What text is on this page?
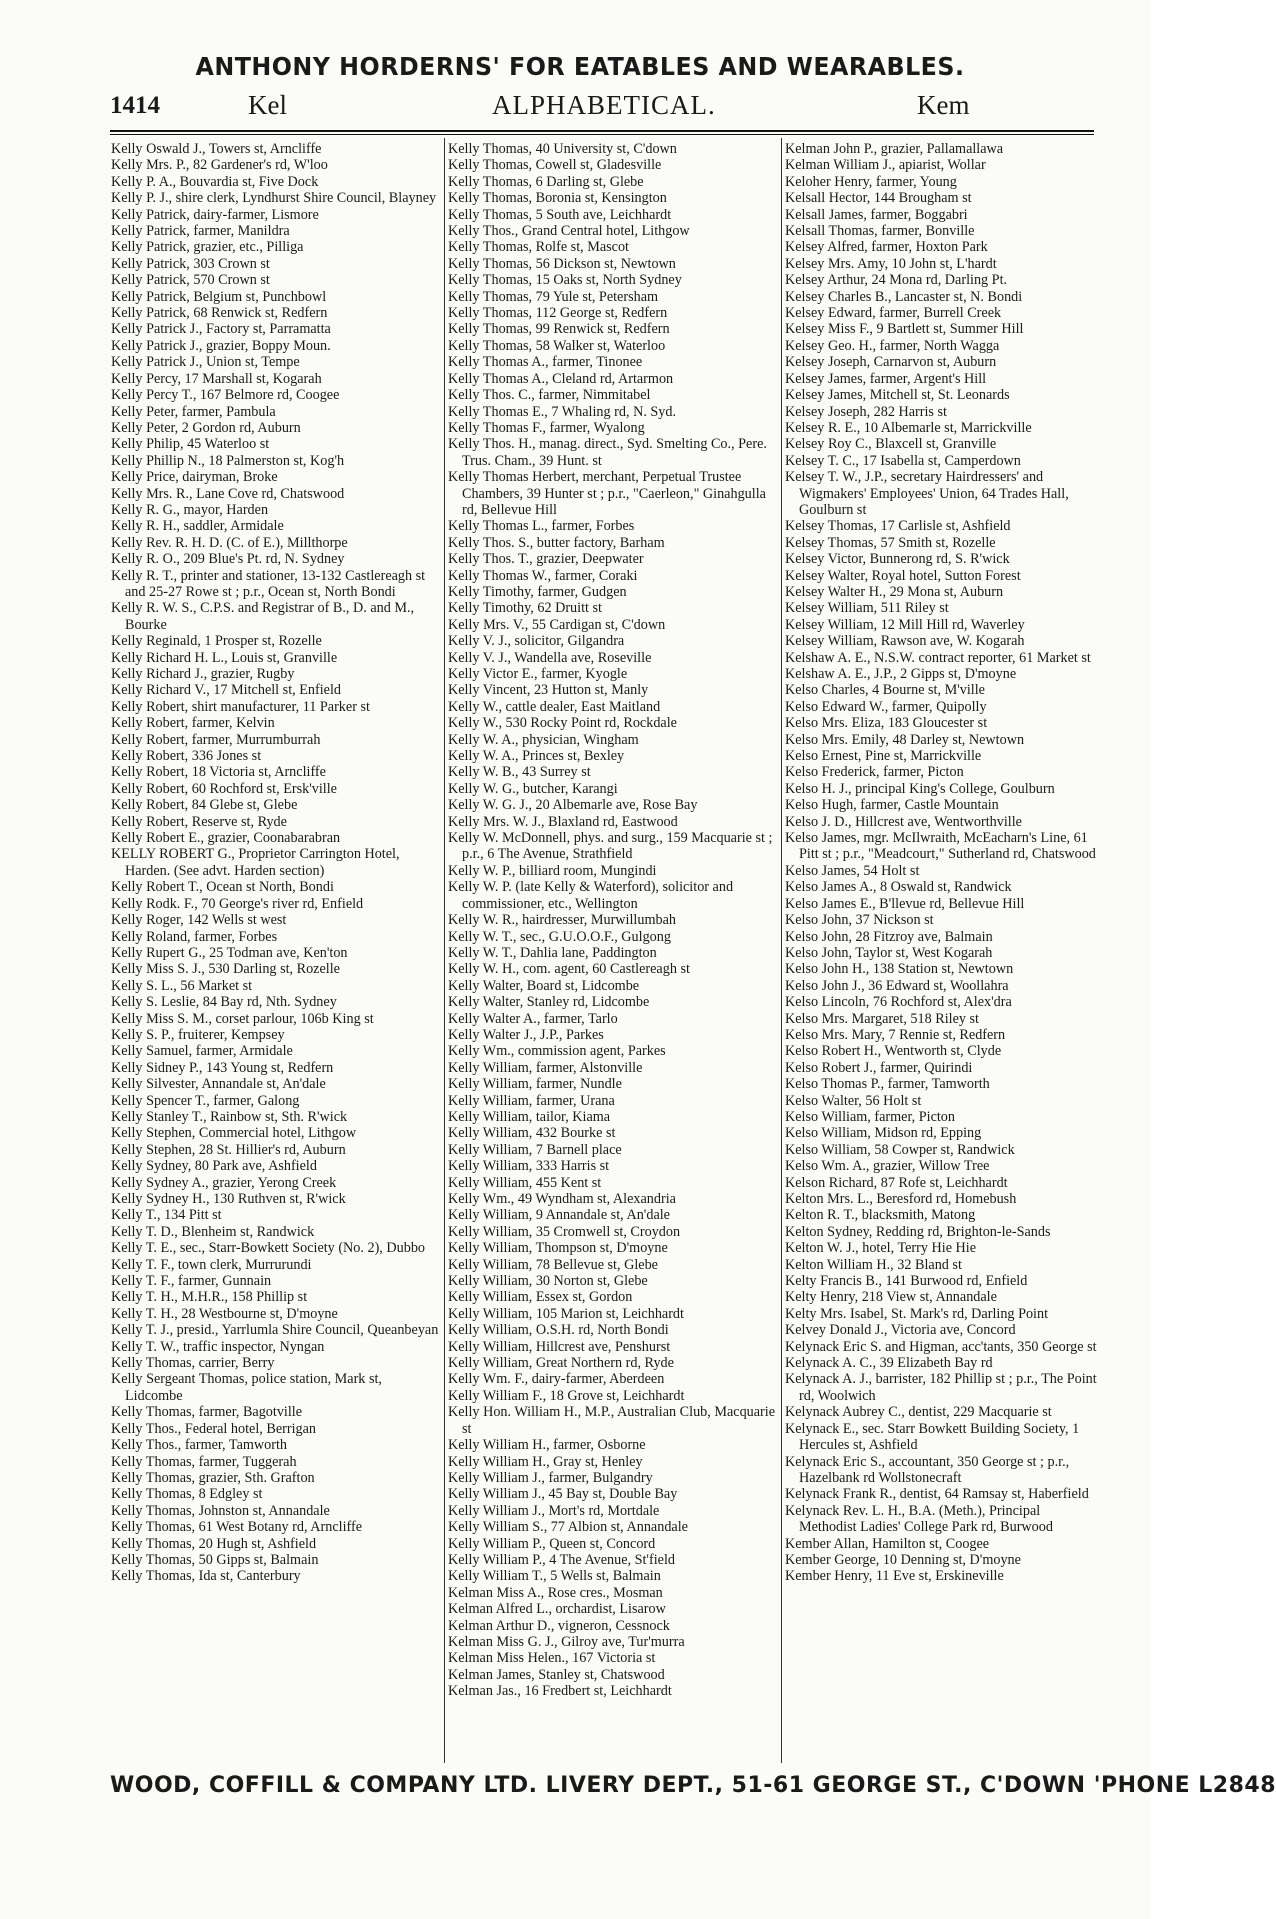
ANTHONY HORDERNS' FOR EATABLES AND WEARABLES.
1414	Kel	ALPHABETICAL.	Kem
Kelly Oswald J., Towers st, Arncliffe
Kelly Mrs. P., 82 Gardener's rd, W'loo
Kelly P. A., Bouvardia st, Five Dock
Kelly P. J., shire clerk, Lyndhurst Shire Council, Blayney
Kelly Patrick, dairy-farmer, Lismore
Kelly Patrick, farmer, Manildra
Kelly Patrick, grazier, etc., Pilliga
Kelly Patrick, 303 Crown st
Kelly Patrick, 570 Crown st
Kelly Patrick, Belgium st, Punchbowl
Kelly Patrick, 68 Renwick st, Redfern
Kelly Patrick J., Factory st, Parramatta
Kelly Patrick J., grazier, Boppy Moun.
Kelly Patrick J., Union st, Tempe
Kelly Percy, 17 Marshall st, Kogarah
Kelly Percy T., 167 Belmore rd, Coogee
Kelly Peter, farmer, Pambula
Kelly Peter, 2 Gordon rd, Auburn
Kelly Philip, 45 Waterloo st
Kelly Phillip N., 18 Palmerston st, Kog'h
Kelly Price, dairyman, Broke
Kelly Mrs. R., Lane Cove rd, Chatswood
Kelly R. G., mayor, Harden
Kelly R. H., saddler, Armidale
Kelly Rev. R. H. D. (C. of E.), Millthorpe
Kelly R. O., 209 Blue's Pt. rd, N. Sydney
Kelly R. T., printer and stationer, 13-132 Castlereagh st and 25-27 Rowe st ; p.r., Ocean st, North Bondi
Kelly R. W. S., C.P.S. and Registrar of B., D. and M., Bourke
Kelly Reginald, 1 Prosper st, Rozelle
Kelly Richard H. L., Louis st, Granville
Kelly Richard J., grazier, Rugby
Kelly Richard V., 17 Mitchell st, Enfield
Kelly Robert, shirt manufacturer, 11 Parker st
Kelly Robert, farmer, Kelvin
Kelly Robert, farmer, Murrumburrah
Kelly Robert, 336 Jones st
Kelly Robert, 18 Victoria st, Arncliffe
Kelly Robert, 60 Rochford st, Ersk'ville
Kelly Robert, 84 Glebe st, Glebe
Kelly Robert, Reserve st, Ryde
Kelly Robert E., grazier, Coonabarabran
KELLY ROBERT G., Proprietor Carrington Hotel, Harden. (See advt. Harden section)
Kelly Robert T., Ocean st North, Bondi
Kelly Rodk. F., 70 George's river rd, Enfield
Kelly Roger, 142 Wells st west
Kelly Roland, farmer, Forbes
Kelly Rupert G., 25 Todman ave, Ken'ton
Kelly Miss S. J., 530 Darling st, Rozelle
Kelly S. L., 56 Market st
Kelly S. Leslie, 84 Bay rd, Nth. Sydney
Kelly Miss S. M., corset parlour, 106b King st
Kelly S. P., fruiterer, Kempsey
Kelly Samuel, farmer, Armidale
Kelly Sidney P., 143 Young st, Redfern
Kelly Silvester, Annandale st, An'dale
Kelly Spencer T., farmer, Galong
Kelly Stanley T., Rainbow st, Sth. R'wick
Kelly Stephen, Commercial hotel, Lithgow
Kelly Stephen, 28 St. Hillier's rd, Auburn
Kelly Sydney, 80 Park ave, Ashfield
Kelly Sydney A., grazier, Yerong Creek
Kelly Sydney H., 130 Ruthven st, R'wick
Kelly T., 134 Pitt st
Kelly T. D., Blenheim st, Randwick
Kelly T. E., sec., Starr-Bowkett Society (No. 2), Dubbo
Kelly T. F., town clerk, Murrurundi
Kelly T. F., farmer, Gunnain
Kelly T. H., M.H.R., 158 Phillip st
Kelly T. H., 28 Westbourne st, D'moyne
Kelly T. J., presid., Yarrlumla Shire Council, Queanbeyan
Kelly T. W., traffic inspector, Nyngan
Kelly Thomas, carrier, Berry
Kelly Sergeant Thomas, police station, Mark st, Lidcombe
Kelly Thomas, farmer, Bagotville
Kelly Thos., Federal hotel, Berrigan
Kelly Thos., farmer, Tamworth
Kelly Thomas, farmer, Tuggerah
Kelly Thomas, grazier, Sth. Grafton
Kelly Thomas, 8 Edgley st
Kelly Thomas, Johnston st, Annandale
Kelly Thomas, 61 West Botany rd, Arncliffe
Kelly Thomas, 20 Hugh st, Ashfield
Kelly Thomas, 50 Gipps st, Balmain
Kelly Thomas, Ida st, Canterbury
Kelly Thomas, 40 University st, C'down
Kelly Thomas, Cowell st, Gladesville
Kelly Thomas, 6 Darling st, Glebe
Kelly Thomas, Boronia st, Kensington
Kelly Thomas, 5 South ave, Leichhardt
Kelly Thos., Grand Central hotel, Lithgow
Kelly Thomas, Rolfe st, Mascot
Kelly Thomas, 56 Dickson st, Newtown
Kelly Thomas, 15 Oaks st, North Sydney
Kelly Thomas, 79 Yule st, Petersham
Kelly Thomas, 112 George st, Redfern
Kelly Thomas, 99 Renwick st, Redfern
Kelly Thomas, 58 Walker st, Waterloo
Kelly Thomas A., farmer, Tinonee
Kelly Thomas A., Cleland rd, Artarmon
Kelly Thos. C., farmer, Nimmitabel
Kelly Thomas E., 7 Whaling rd, N. Syd.
Kelly Thomas F., farmer, Wyalong
Kelly Thos. H., manag. direct., Syd. Smelting Co., Pere. Trus. Cham., 39 Hunt. st
Kelly Thomas Herbert, merchant, Perpetual Trustee Chambers, 39 Hunter st ; p.r., "Caerleon," Ginahgulla rd, Bellevue Hill
Kelly Thomas L., farmer, Forbes
Kelly Thos. S., butter factory, Barham
Kelly Thos. T., grazier, Deepwater
Kelly Thomas W., farmer, Coraki
Kelly Timothy, farmer, Gudgen
Kelly Timothy, 62 Druitt st
Kelly Mrs. V., 55 Cardigan st, C'down
Kelly V. J., solicitor, Gilgandra
Kelly V. J., Wandella ave, Roseville
Kelly Victor E., farmer, Kyogle
Kelly Vincent, 23 Hutton st, Manly
Kelly W., cattle dealer, East Maitland
Kelly W., 530 Rocky Point rd, Rockdale
Kelly W. A., physician, Wingham
Kelly W. A., Princes st, Bexley
Kelly W. B., 43 Surrey st
Kelly W. G., butcher, Karangi
Kelly W. G. J., 20 Albemarle ave, Rose Bay
Kelly Mrs. W. J., Blaxland rd, Eastwood
Kelly W. McDonnell, phys. and surg., 159 Macquarie st ; p.r., 6 The Avenue, Strathfield
Kelly W. P., billiard room, Mungindi
Kelly W. P. (late Kelly & Waterford), solicitor and commissioner, etc., Wellington
Kelly W. R., hairdresser, Murwillumbah
Kelly W. T., sec., G.U.O.O.F., Gulgong
Kelly W. T., Dahlia lane, Paddington
Kelly W. H., com. agent, 60 Castlereagh st
Kelly Walter, Board st, Lidcombe
Kelly Walter, Stanley rd, Lidcombe
Kelly Walter A., farmer, Tarlo
Kelly Walter J., J.P., Parkes
Kelly Wm., commission agent, Parkes
Kelly William, farmer, Alstonville
Kelly William, farmer, Nundle
Kelly William, farmer, Urana
Kelly William, tailor, Kiama
Kelly William, 432 Bourke st
Kelly William, 7 Barnell place
Kelly William, 333 Harris st
Kelly William, 455 Kent st
Kelly Wm., 49 Wyndham st, Alexandria
Kelly William, 9 Annandale st, An'dale
Kelly William, 35 Cromwell st, Croydon
Kelly William, Thompson st, D'moyne
Kelly William, 78 Bellevue st, Glebe
Kelly William, 30 Norton st, Glebe
Kelly William, Essex st, Gordon
Kelly William, 105 Marion st, Leichhardt
Kelly William, O.S.H. rd, North Bondi
Kelly William, Hillcrest ave, Penshurst
Kelly William, Great Northern rd, Ryde
Kelly Wm. F., dairy-farmer, Aberdeen
Kelly William F., 18 Grove st, Leichhardt
Kelly Hon. William H., M.P., Australian Club, Macquarie st
Kelly William H., farmer, Osborne
Kelly William H., Gray st, Henley
Kelly William J., farmer, Bulgandry
Kelly William J., 45 Bay st, Double Bay
Kelly William J., Mort's rd, Mortdale
Kelly William S., 77 Albion st, Annandale
Kelly William P., Queen st, Concord
Kelly William P., 4 The Avenue, St'field
Kelly William T., 5 Wells st, Balmain
Kelman Miss A., Rose cres., Mosman
Kelman Alfred L., orchardist, Lisarow
Kelman Arthur D., vigneron, Cessnock
Kelman Miss G. J., Gilroy ave, Tur'murra
Kelman Miss Helen., 167 Victoria st
Kelman James, Stanley st, Chatswood
Kelman Jas., 16 Fredbert st, Leichhardt
Kelman John P., grazier, Pallamallawa
Kelman William J., apiarist, Wollar
Keloher Henry, farmer, Young
Kelsall Hector, 144 Brougham st
Kelsall James, farmer, Boggabri
Kelsall Thomas, farmer, Bonville
Kelsey Alfred, farmer, Hoxton Park
Kelsey Mrs. Amy, 10 John st, L'hardt
Kelsey Arthur, 24 Mona rd, Darling Pt.
Kelsey Charles B., Lancaster st, N. Bondi
Kelsey Edward, farmer, Burrell Creek
Kelsey Miss F., 9 Bartlett st, Summer Hill
Kelsey Geo. H., farmer, North Wagga
Kelsey Joseph, Carnarvon st, Auburn
Kelsey James, farmer, Argent's Hill
Kelsey James, Mitchell st, St. Leonards
Kelsey Joseph, 282 Harris st
Kelsey R. E., 10 Albemarle st, Marrickville
Kelsey Roy C., Blaxcell st, Granville
Kelsey T. C., 17 Isabella st, Camperdown
Kelsey T. W., J.P., secretary Hairdressers' and Wigmakers' Employees' Union, 64 Trades Hall, Goulburn st
Kelsey Thomas, 17 Carlisle st, Ashfield
Kelsey Thomas, 57 Smith st, Rozelle
Kelsey Victor, Bunnerong rd, S. R'wick
Kelsey Walter, Royal hotel, Sutton Forest
Kelsey Walter H., 29 Mona st, Auburn
Kelsey William, 511 Riley st
Kelsey William, 12 Mill Hill rd, Waverley
Kelsey William, Rawson ave, W. Kogarah
Kelshaw A. E., N.S.W. contract reporter, 61 Market st
Kelshaw A. E., J.P., 2 Gipps st, D'moyne
Kelso Charles, 4 Bourne st, M'ville
Kelso Edward W., farmer, Quipolly
Kelso Mrs. Eliza, 183 Gloucester st
Kelso Mrs. Emily, 48 Darley st, Newtown
Kelso Ernest, Pine st, Marrickville
Kelso Frederick, farmer, Picton
Kelso H. J., principal King's College, Goulburn
Kelso Hugh, farmer, Castle Mountain
Kelso J. D., Hillcrest ave, Wentworthville
Kelso James, mgr. McIlwraith, McEacharn's Line, 61 Pitt st ; p.r., "Meadcourt," Sutherland rd, Chatswood
Kelso James, 54 Holt st
Kelso James A., 8 Oswald st, Randwick
Kelso James E., B'llevue rd, Bellevue Hill
Kelso John, 37 Nickson st
Kelso John, 28 Fitzroy ave, Balmain
Kelso John, Taylor st, West Kogarah
Kelso John H., 138 Station st, Newtown
Kelso John J., 36 Edward st, Woollahra
Kelso Lincoln, 76 Rochford st, Alex'dra
Kelso Mrs. Margaret, 518 Riley st
Kelso Mrs. Mary, 7 Rennie st, Redfern
Kelso Robert H., Wentworth st, Clyde
Kelso Robert J., farmer, Quirindi
Kelso Thomas P., farmer, Tamworth
Kelso Walter, 56 Holt st
Kelso William, farmer, Picton
Kelso William, Midson rd, Epping
Kelso William, 58 Cowper st, Randwick
Kelso Wm. A., grazier, Willow Tree
Kelson Richard, 87 Rofe st, Leichhardt
Kelton Mrs. L., Beresford rd, Homebush
Kelton R. T., blacksmith, Matong
Kelton Sydney, Redding rd, Brighton-le-Sands
Kelton W. J., hotel, Terry Hie Hie
Kelton William H., 32 Bland st
Kelty Francis B., 141 Burwood rd, Enfield
Kelty Henry, 218 View st, Annandale
Kelty Mrs. Isabel, St. Mark's rd, Darling Point
Kelvey Donald J., Victoria ave, Concord
Kelynack Eric S. and Higman, acc'tants, 350 George st
Kelynack A. C., 39 Elizabeth Bay rd
Kelynack A. J., barrister, 182 Phillip st ; p.r., The Point rd, Woolwich
Kelynack Aubrey C., dentist, 229 Macquarie st
Kelynack E., sec. Starr Bowkett Building Society, 1 Hercules st, Ashfield
Kelynack Eric S., accountant, 350 George st ; p.r., Hazelbank rd Wollstonecraft
Kelynack Frank R., dentist, 64 Ramsay st, Haberfield
Kelynack Rev. L. H., B.A. (Meth.), Principal Methodist Ladies' College Park rd, Burwood
Kember Allan, Hamilton st, Coogee
Kember George, 10 Denning st, D'moyne
Kember Henry, 11 Eve st, Erskineville
WOOD, COFFILL & COMPANY LTD. LIVERY DEPT., 51-61 GEORGE ST., C'DOWN 'PHONE L2848
